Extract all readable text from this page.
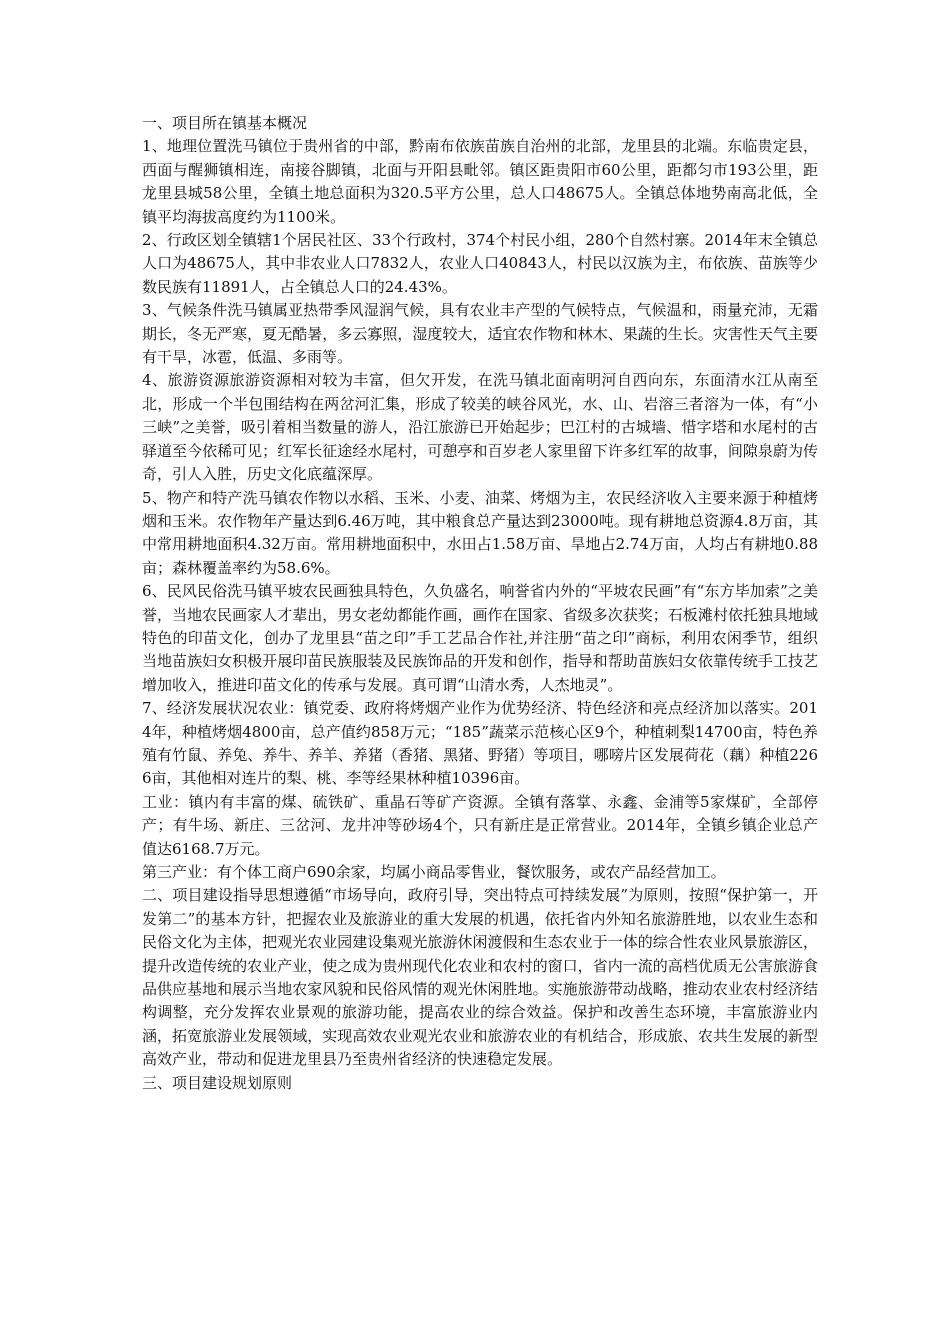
一、项目所在镇基本概况

1、地理位置洗马镇位于贵州省的中部，黔南布依族苗族自治州的北部，龙里县的北端。东临贵定县，西面与醒狮镇相连，南接谷脚镇，北面与开阳县毗邻。镇区距贵阳市60公里，距都匀市193公里，距龙里县城58公里，全镇土地总面积为320.5平方公里，总人口48675人。全镇总体地势南高北低，全镇平均海拔高度约为1100米。

2、行政区划全镇辖1个居民社区、33个行政村，374个村民小组，280个自然村寨。2014年末全镇总人口为48675人，其中非农业人口7832人，农业人口40843人，村民以汉族为主，布依族、苗族等少数民族有11891人，占全镇总人口的24.43%。

3、气候条件洗马镇属亚热带季风湿润气候，具有农业丰产型的气候特点，气候温和，雨量充沛，无霜期长，冬无严寒，夏无酷暑，多云寡照，湿度较大，适宜农作物和林木、果蔬的生长。灾害性天气主要有干旱，冰雹，低温、多雨等。

4、旅游资源旅游资源相对较为丰富，但欠开发，在洗马镇北面南明河自西向东，东面清水江从南至北，形成一个半包围结构在两岔河汇集，形成了较美的峡谷风光，水、山、岩溶三者溶为一体，有“小三峡”之美誉，吸引着相当数量的游人，沿江旅游已开始起步；巴江村的古城墙、惜字塔和水尾村的古驿道至今依稀可见；红军长征途经水尾村，可憩亭和百岁老人家里留下许多红军的故事，间隙泉蔚为传奇，引人入胜，历史文化底蕴深厚。

5、物产和特产洗马镇农作物以水稻、玉米、小麦、油菜、烤烟为主，农民经济收入主要来源于种植烤烟和玉米。农作物年产量达到6.46万吨，其中粮食总产量达到23000吨。现有耕地总资源4.8万亩，其中常用耕地面积4.32万亩。常用耕地面积中，水田占1.58万亩、旱地占2.74万亩，人均占有耕地0.88亩；森林覆盖率约为58.6%。

6、民风民俗洗马镇平坡农民画独具特色，久负盛名，响誉省内外的“平坡农民画”有“东方毕加索”之美誉，当地农民画家人才辈出，男女老幼都能作画，画作在国家、省级多次获奖；石板滩村依托独具地域特色的印苗文化，创办了龙里县“苗之印”手工艺品合作社,并注册“苗之印”商标，利用农闲季节，组织当地苗族妇女积极开展印苗民族服装及民族饰品的开发和创作，指导和帮助苗族妇女依靠传统手工技艺增加收入，推进印苗文化的传承与发展。真可谓“山清水秀，人杰地灵”。

7、经济发展状况农业：镇党委、政府将烤烟产业作为优势经济、特色经济和亮点经济加以落实。2014年，种植烤烟4800亩，总产值约858万元；“185”蔬菜示范核心区9个，种植刺梨14700亩，特色养殖有竹鼠、养兔、养牛、养羊、养猪（香猪、黑猪、野猪）等项目，哪嗙片区发展荷花（藕）种植2266亩，其他相对连片的梨、桃、李等经果林种植10396亩。

工业：镇内有丰富的煤、硫铁矿、重晶石等矿产资源。全镇有落掌、永鑫、金浦等5家煤矿，全部停产；有牛场、新庄、三岔河、龙井冲等砂场4个，只有新庄是正常营业。2014年，全镇乡镇企业总产值达6168.7万元。

第三产业：有个体工商户690余家，均属小商品零售业，餐饮服务，或农产品经营加工。

二、项目建设指导思想遵循“市场导向，政府引导，突出特点可持续发展”为原则，按照“保护第一，开发第二”的基本方针，把握农业及旅游业的重大发展的机遇，依托省内外知名旅游胜地，以农业生态和民俗文化为主体，把观光农业园建设集观光旅游休闲渡假和生态农业于一体的综合性农业风景旅游区，提升改造传统的农业产业，使之成为贵州现代化农业和农村的窗口，省内一流的高档优质无公害旅游食品供应基地和展示当地农家风貌和民俗风情的观光休闲胜地。实施旅游带动战略，推动农业农村经济结构调整，充分发挥农业景观的旅游功能，提高农业的综合效益。保护和改善生态环境，丰富旅游业内涵，拓宽旅游业发展领域，实现高效农业观光农业和旅游农业的有机结合，形成旅、农共生发展的新型高效产业，带动和促进龙里县乃至贵州省经济的快速稳定发展。

三、项目建设规划原则
